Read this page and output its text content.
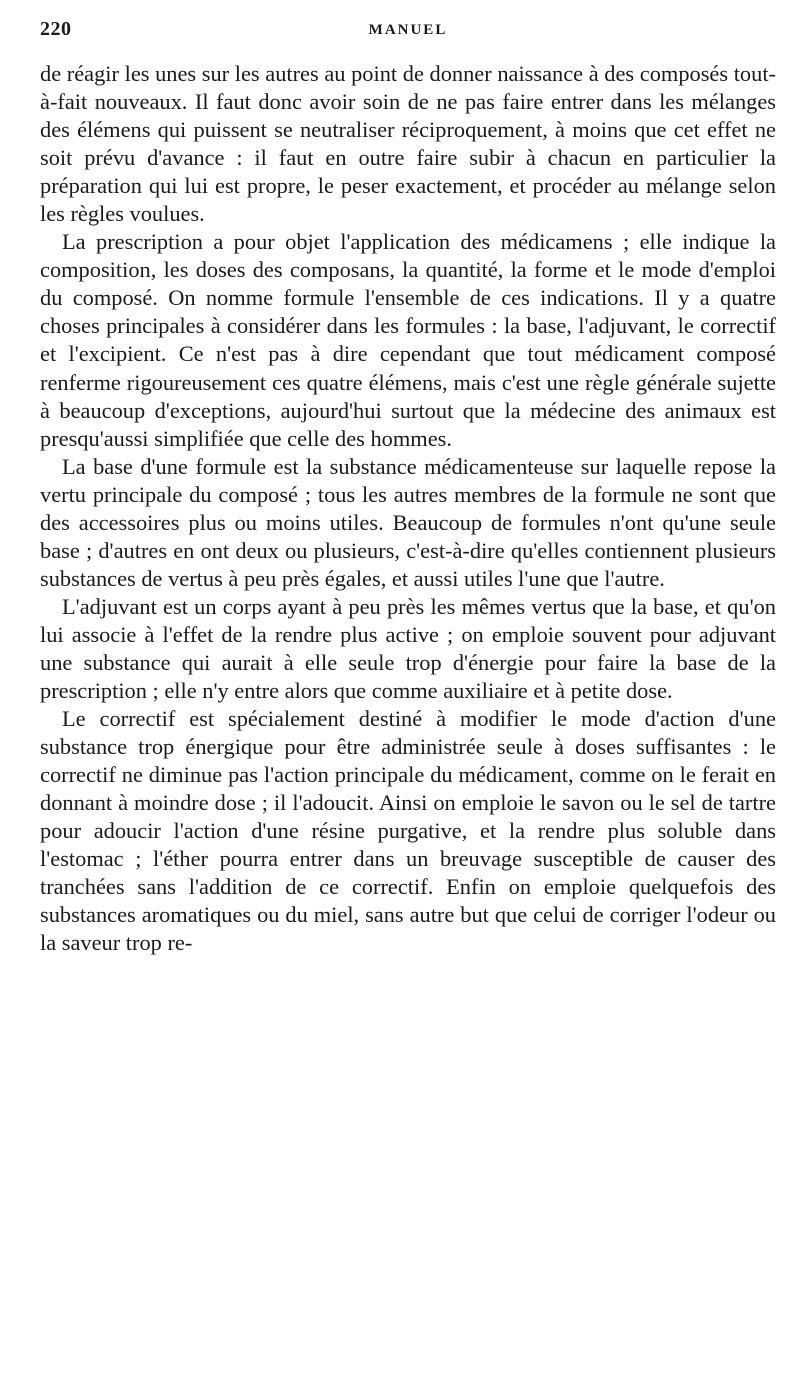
220	MANUEL

de réagir les unes sur les autres au point de donner naissance à des composés tout-à-fait nouveaux. Il faut donc avoir soin de ne pas faire entrer dans les mélanges des élémens qui puissent se neutraliser réciproquement, à moins que cet effet ne soit prévu d'avance : il faut en outre faire subir à chacun en particulier la préparation qui lui est propre, le peser exactement, et procéder au mélange selon les règles voulues.

La prescription a pour objet l'application des médicamens ; elle indique la composition, les doses des composans, la quantité, la forme et le mode d'emploi du composé. On nomme formule l'ensemble de ces indications. Il y a quatre choses principales à considérer dans les formules : la base, l'adjuvant, le correctif et l'excipient. Ce n'est pas à dire cependant que tout médicament composé renferme rigoureusement ces quatre élémens, mais c'est une règle générale sujette à beaucoup d'exceptions, aujourd'hui surtout que la médecine des animaux est presqu'aussi simplifiée que celle des hommes.

La base d'une formule est la substance médicamenteuse sur laquelle repose la vertu principale du composé ; tous les autres membres de la formule ne sont que des accessoires plus ou moins utiles. Beaucoup de formules n'ont qu'une seule base ; d'autres en ont deux ou plusieurs, c'est-à-dire qu'elles contiennent plusieurs substances de vertus à peu près égales, et aussi utiles l'une que l'autre.

L'adjuvant est un corps ayant à peu près les mêmes vertus que la base, et qu'on lui associe à l'effet de la rendre plus active ; on emploie souvent pour adjuvant une substance qui aurait à elle seule trop d'énergie pour faire la base de la prescription ; elle n'y entre alors que comme auxiliaire et à petite dose.

Le correctif est spécialement destiné à modifier le mode d'action d'une substance trop énergique pour être administrée seule à doses suffisantes : le correctif ne diminue pas l'action principale du médicament, comme on le ferait en donnant à moindre dose ; il l'adoucit. Ainsi on emploie le savon ou le sel de tartre pour adoucir l'action d'une résine purgative, et la rendre plus soluble dans l'estomac ; l'éther pourra entrer dans un breuvage susceptible de causer des tranchées sans l'addition de ce correctif. Enfin on emploie quelquefois des substances aromatiques ou du miel, sans autre but que celui de corriger l'odeur ou la saveur trop re-
